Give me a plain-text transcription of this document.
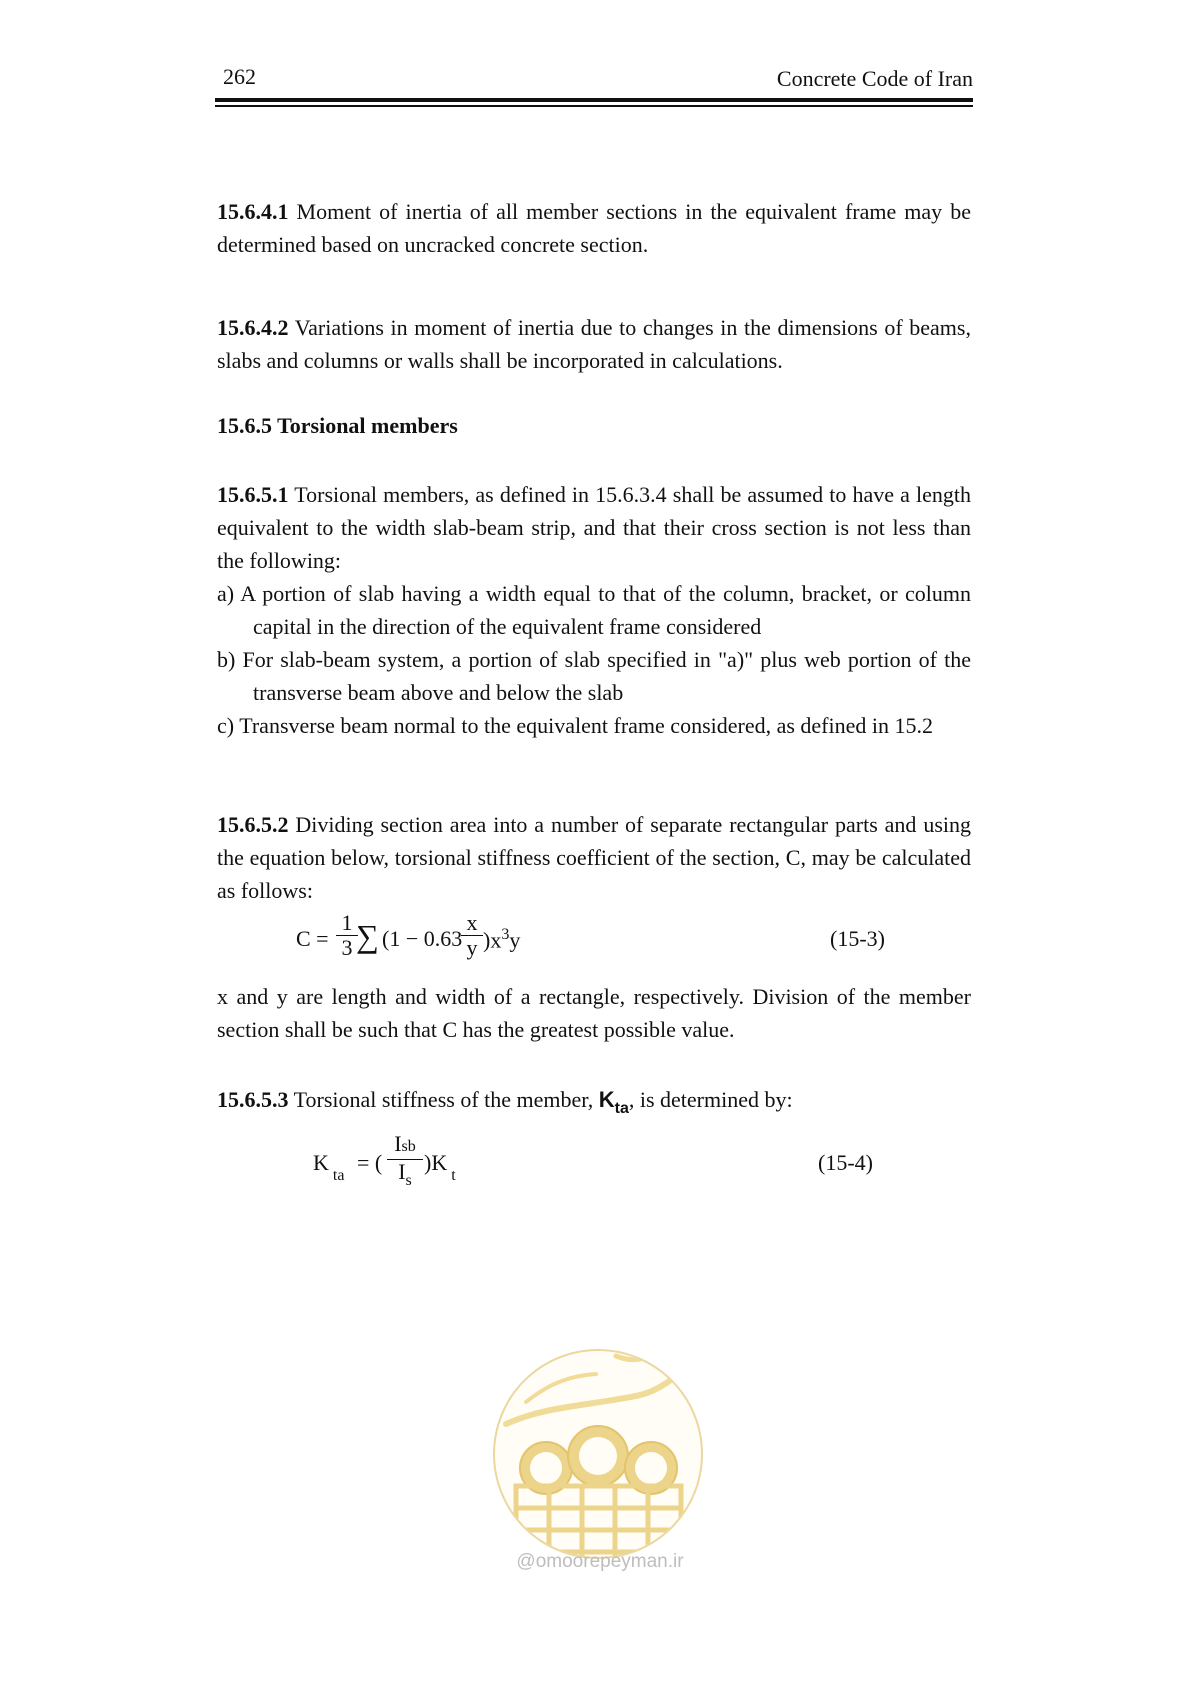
262	Concrete Code of Iran
15.6.4.1 Moment of inertia of all member sections in the equivalent frame may be determined based on uncracked concrete section.
15.6.4.2 Variations in moment of inertia due to changes in the dimensions of beams, slabs and columns or walls shall be incorporated in calculations.
15.6.5 Torsional members
15.6.5.1 Torsional members, as defined in 15.6.3.4 shall be assumed to have a length equivalent to the width slab-beam strip, and that their cross section is not less than the following:
a) A portion of slab having a width equal to that of the column, bracket, or column capital in the direction of the equivalent frame considered
b) For slab-beam system, a portion of slab specified in "a)" plus web portion of the transverse beam above and below the slab
c) Transverse beam normal to the equivalent frame considered, as defined in 15.2
15.6.5.2 Dividing section area into a number of separate rectangular parts and using the equation below, torsional stiffness coefficient of the section, C, may be calculated as follows:
$C = \frac{1}{3}$
∑ (1 − 0.63
$\frac{x}{y} )x^3y$	(15-3)
x and y are length and width of a rectangle, respectively. Division of the member section shall be such that C has the greatest possible value.
15.6.5.3 Torsional stiffness of the member, $K_{ta}$, is determined by:
$K_{ta}$
= (
Isb
$I_s$
)$K_t$
(15-4)
@omoorepeyman.ir
